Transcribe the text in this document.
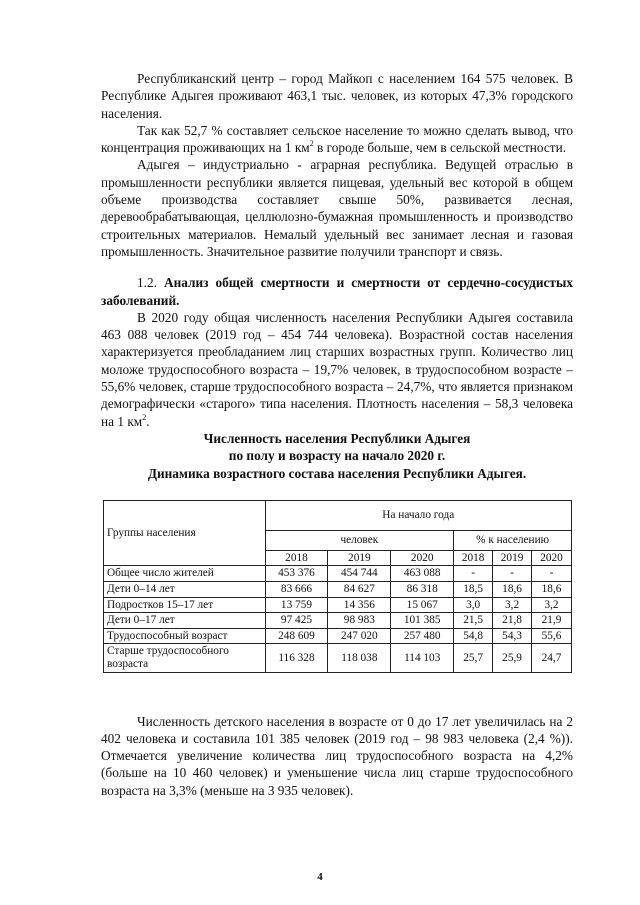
Республиканский центр – город Майкоп с населением 164 575 человек. В Республике Адыгея проживают 463,1 тыс. человек, из которых 47,3% городского населения.

Так как 52,7 % составляет сельское население то можно сделать вывод, что концентрация проживающих на 1 $км^2$ в городе больше, чем в сельской местности.

Адыгея – индустриально - аграрная республика. Ведущей отраслью в промышленности республики является пищевая, удельный вес которой в общем объеме производства составляет свыше 50%, развивается лесная, деревообрабатывающая, целлюлозно-бумажная промышленность и производство строительных материалов. Немалый удельный вес занимает лесная и газовая промышленность. Значительное развитие получили транспорт и связь.

1.2. Анализ общей смертности и смертности от сердечно-сосудистых заболеваний.

В 2020 году общая численность населения Республики Адыгея составила 463 088 человек (2019 год – 454 744 человека). Возрастной состав населения характеризуется преобладанием лиц старших возрастных групп. Количество лиц моложе трудоспособного возраста – 19,7% человек, в трудоспособном возрасте – 55,6% человек, старше трудоспособного возраста – 24,7%, что является признаком демографически «старого» типа населения. Плотность населения – 58,3 человека на 1 $км^2$.

Численность населения Республики Адыгея

по полу и возрасту на начало 2020 г.

Динамика возрастного состава населения Республики Адыгея.

Группы населения	На начало года					
	человек			% к населению		
	2018	2019	2020	2018	2019	2020
Общее число жителей	453 376	454 744	463 088	-	-	-
Дети 0–14 лет	83 666	84 627	86 318	18,5	18,6	18,6
Подростков 15–17 лет	13 759	14 356	15 067	3,0	3,2	3,2
Дети 0–17 лет	97 425	98 983	101 385	21,5	21,8	21,9
Трудоспособный возраст	248 609	247 020	257 480	54,8	54,3	55,6
Старше трудоспособного возраста	116 328	118 038	114 103	25,7	25,9	24,7

Численность детского населения в возрасте от 0 до 17 лет увеличилась на 2 402 человека и составила 101 385 человек (2019 год – 98 983 человека (2,4 %)). Отмечается увеличение количества лиц трудоспособного возраста на 4,2% (больше на 10 460 человек) и уменьшение числа лиц старше трудоспособного возраста на 3,3% (меньше на 3 935 человек).

4
